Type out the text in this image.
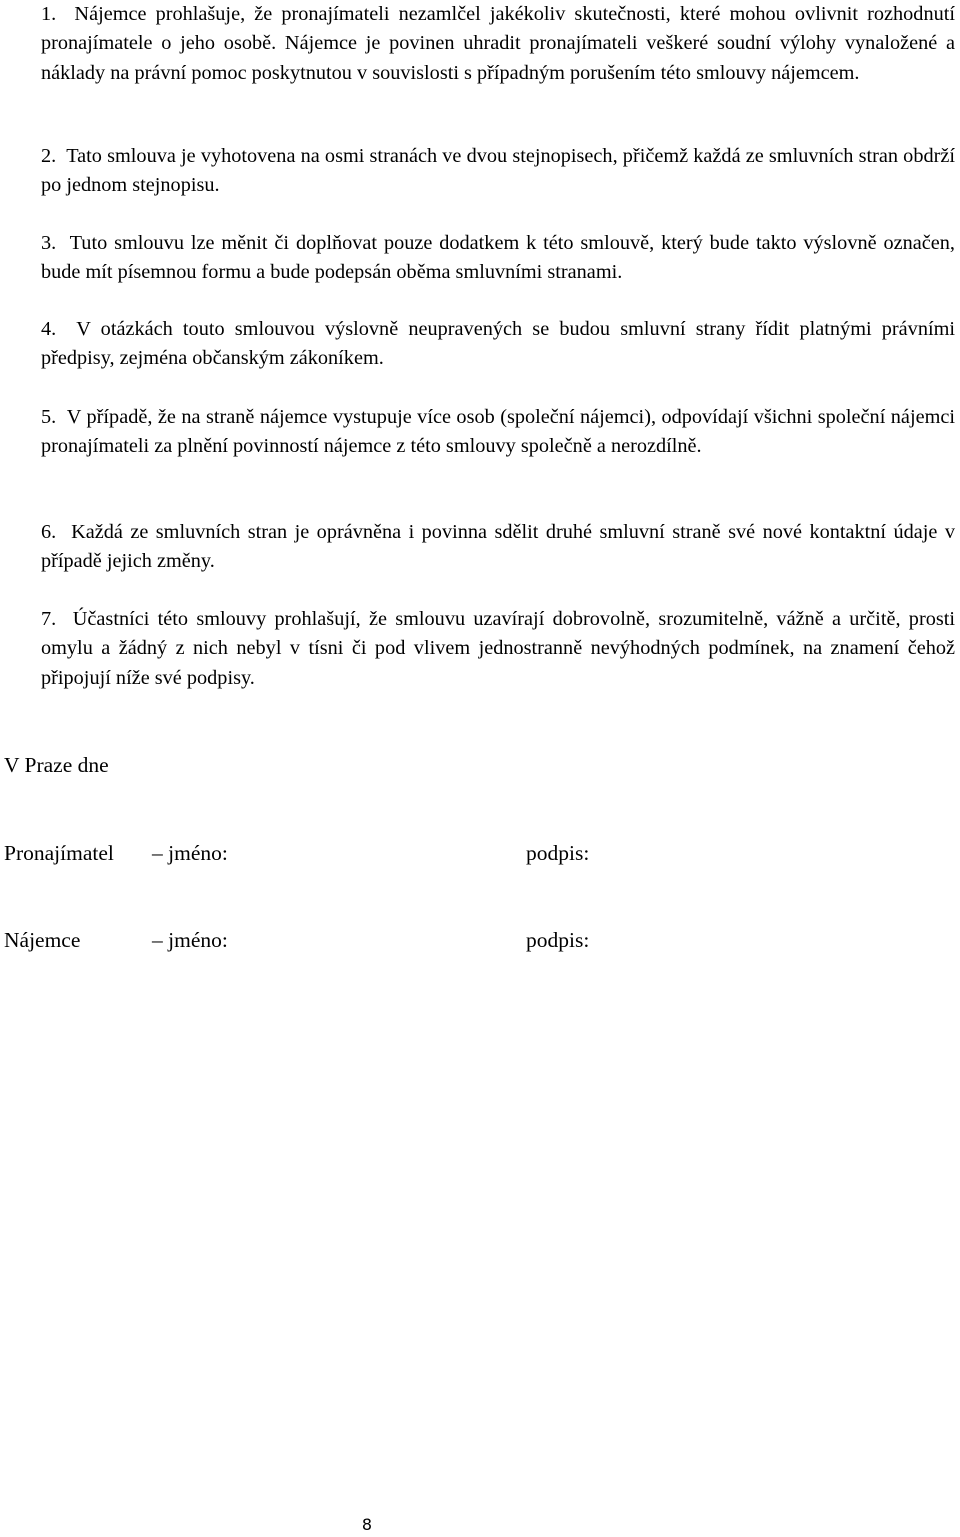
1. Nájemce prohlašuje, že pronajímateli nezamlčel jakékoliv skutečnosti, které mohou ovlivnit rozhodnutí pronajímatele o jeho osobě. Nájemce je povinen uhradit pronajímateli veškeré soudní výlohy vynaložené a náklady na právní pomoc poskytnutou v souvislosti s případným porušením této smlouvy nájemcem.

2. Tato smlouva je vyhotovena na osmi stranách ve dvou stejnopisech, přičemž každá ze smluvních stran obdrží po jednom stejnopisu.

3. Tuto smlouvu lze měnit či doplňovat pouze dodatkem k této smlouvě, který bude takto výslovně označen, bude mít písemnou formu a bude podepsán oběma smluvními stranami.

4. V otázkách touto smlouvou výslovně neupravených se budou smluvní strany řídit platnými právními předpisy, zejména občanským zákoníkem.

5. V případě, že na straně nájemce vystupuje více osob (společní nájemci), odpovídají všichni společní nájemci pronajímateli za plnění povinností nájemce z této smlouvy společně a nerozdílně.

6. Každá ze smluvních stran je oprávněna i povinna sdělit druhé smluvní straně své nové kontaktní údaje v případě jejich změny.

7. Účastníci této smlouvy prohlašují, že smlouvu uzavírají dobrovolně, srozumitelně, vážně a určitě, prosti omylu a žádný z nich nebyl v tísni či pod vlivem jednostranně nevýhodných podmínek, na znamení čehož připojují níže své podpisy.

V Praze dne

Pronajímatel – jméno:	podpis:
Nájemce	– jméno:	podpis:
8
